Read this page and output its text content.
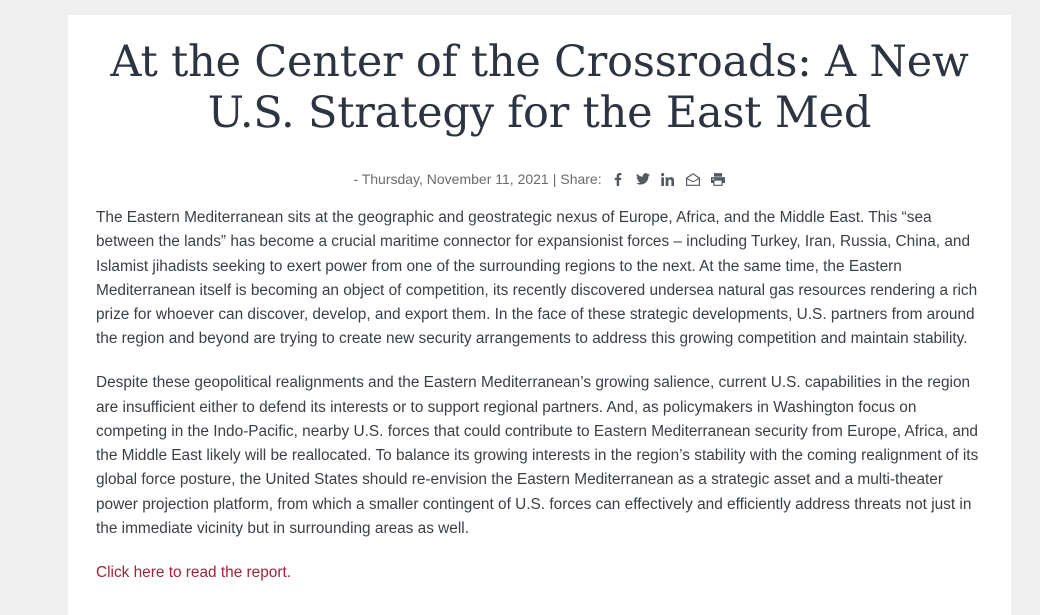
At the Center of the Crossroads: A New U.S. Strategy for the East Med
- Thursday, November 11, 2021 | Share:

The Eastern Mediterranean sits at the geographic and geostrategic nexus of Europe, Africa, and the Middle East. This “sea between the lands” has become a crucial maritime connector for expansionist forces – including Turkey, Iran, Russia, China, and Islamist jihadists seeking to exert power from one of the surrounding regions to the next. At the same time, the Eastern Mediterranean itself is becoming an object of competition, its recently discovered undersea natural gas resources rendering a rich prize for whoever can discover, develop, and export them. In the face of these strategic developments, U.S. partners from around the region and beyond are trying to create new security arrangements to address this growing competition and maintain stability.

Despite these geopolitical realignments and the Eastern Mediterranean’s growing salience, current U.S. capabilities in the region are insufficient either to defend its interests or to support regional partners. And, as policymakers in Washington focus on competing in the Indo-Pacific, nearby U.S. forces that could contribute to Eastern Mediterranean security from Europe, Africa, and the Middle East likely will be reallocated. To balance its growing interests in the region’s stability with the coming realignment of its global force posture, the United States should re-envision the Eastern Mediterranean as a strategic asset and a multi-theater power projection platform, from which a smaller contingent of U.S. forces can effectively and efficiently address threats not just in the immediate vicinity but in surrounding areas as well.

Click here to read the report.
